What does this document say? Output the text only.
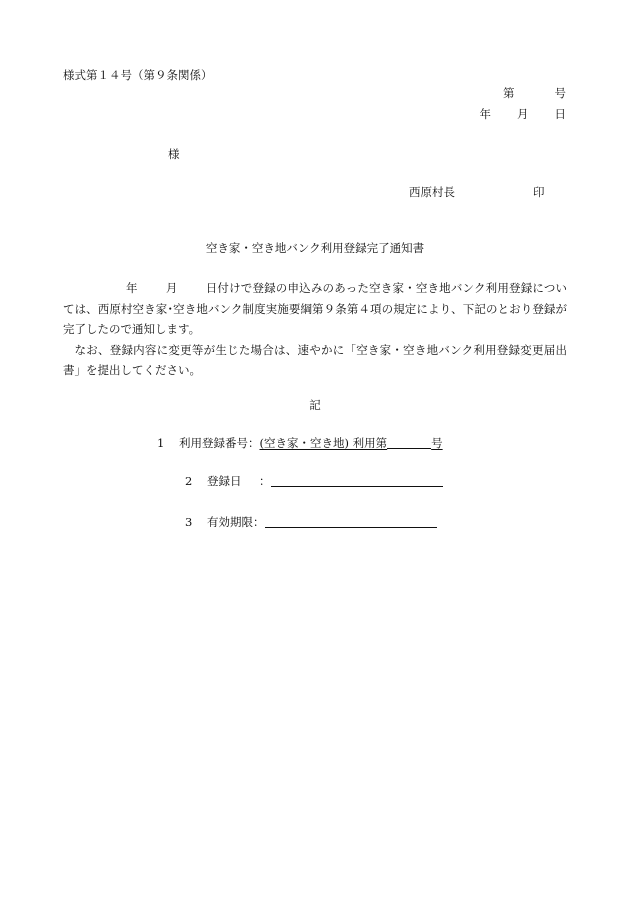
様式第１４号（第９条関係）
第	号
年 月 日
様
西原村長	印
空き家・空き地バンク利用登録完了通知書

年 月 日付けで登録の申込みのあった空き家・空き地バンク利用登録については、西原村空き家･空き地バンク制度実施要綱第９条第４項の規定により、下記のとおり登録が完了したので通知します。

なお、登録内容に変更等が生じた場合は、速やかに「空き家・空き地バンク利用登録変更届出書」を提出してください。

記
1 利用登録番号：(空き家・空き地) 利用第	号
2 登録日 ：
3 有効期限：
